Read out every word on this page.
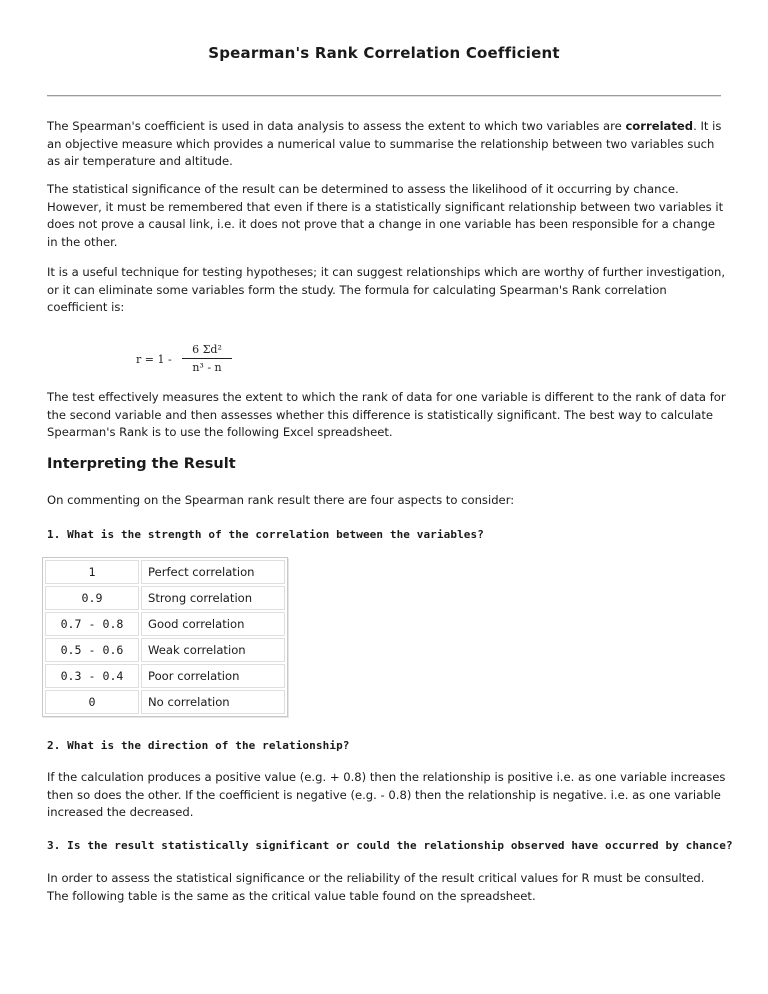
Spearman's Rank Correlation Coefficient

The Spearman's coefficient is used in data analysis to assess the extent to which two variables are correlated. It is an objective measure which provides a numerical value to summarise the relationship between two variables such as air temperature and altitude.

The statistical significance of the result can be determined to assess the likelihood of it occurring by chance. However, it must be remembered that even if there is a statistically significant relationship between two variables it does not prove a causal link, i.e. it does not prove that a change in one variable has been responsible for a change in the other.

It is a useful technique for testing hypotheses; it can suggest relationships which are worthy of further investigation, or it can eliminate some variables form the study. The formula for calculating Spearman's Rank correlation coefficient is:

r = 1 -
6 Σd²
n³ - n

The test effectively measures the extent to which the rank of data for one variable is different to the rank of data for the second variable and then assesses whether this difference is statistically significant. The best way to calculate Spearman's Rank is to use the following Excel spreadsheet.

Interpreting the Result

On commenting on the Spearman rank result there are four aspects to consider:

1. What is the strength of the correlation between the variables?

1	Perfect correlation
0.9	Strong correlation
0.7 - 0.8	Good correlation
0.5 - 0.6	Weak correlation
0.3 - 0.4	Poor correlation
0	No correlation

2. What is the direction of the relationship?

If the calculation produces a positive value (e.g. + 0.8) then the relationship is positive i.e. as one variable increases then so does the other. If the coefficient is negative (e.g. - 0.8) then the relationship is negative. i.e. as one variable increased the decreased.

3. Is the result statistically significant or could the relationship observed have occurred by chance?

In order to assess the statistical significance or the reliability of the result critical values for R must be consulted. The following table is the same as the critical value table found on the spreadsheet.
